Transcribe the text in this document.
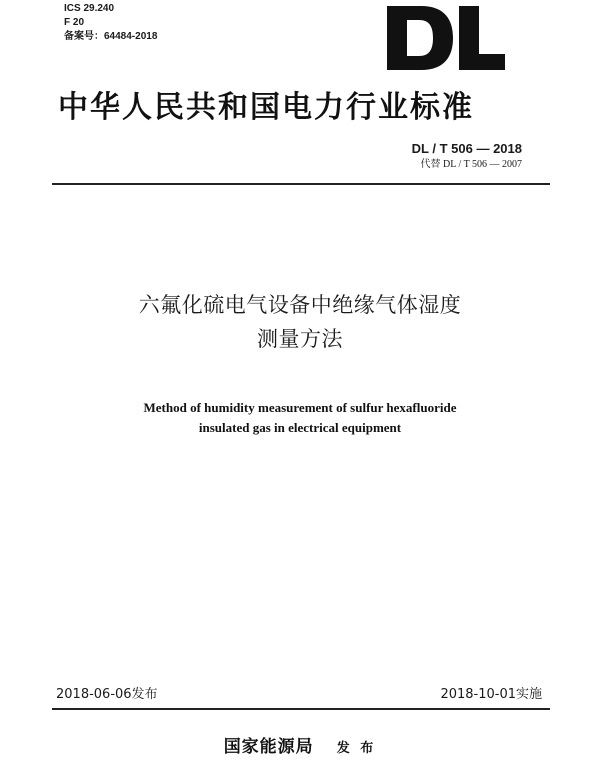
ICS 29.240
F 20
备案号：64484-2018
中华人民共和国电力行业标准
DL / T 506 — 2018
代替 DL / T 506 — 2007
六氟化硫电气设备中绝缘气体湿度
测量方法
Method of humidity measurement of sulfur hexafluoride
insulated gas in electrical equipment
2018-06-06发布	2018-10-01实施
国家能源局 发 布
